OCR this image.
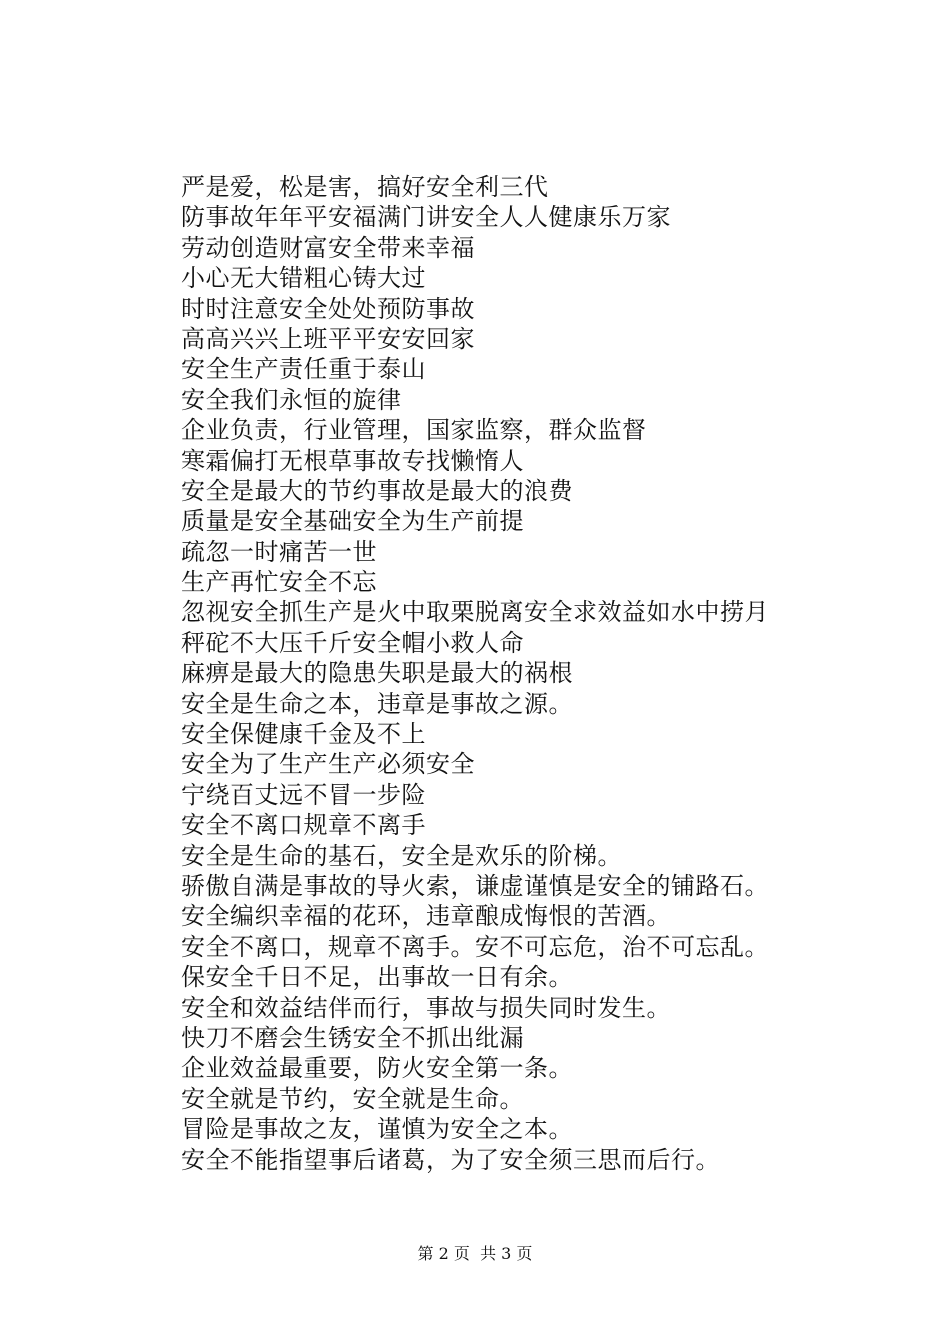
严是爱，松是害，搞好安全利三代
防事故年年平安福满门讲安全人人健康乐万家
劳动创造财富安全带来幸福
小心无大错粗心铸大过
时时注意安全处处预防事故
高高兴兴上班平平安安回家
安全生产责任重于泰山
安全我们永恒的旋律
企业负责，行业管理，国家监察，群众监督
寒霜偏打无根草事故专找懒惰人
安全是最大的节约事故是最大的浪费
质量是安全基础安全为生产前提
疏忽一时痛苦一世
生产再忙安全不忘
忽视安全抓生产是火中取栗脱离安全求效益如水中捞月
秤砣不大压千斤安全帽小救人命
麻痹是最大的隐患失职是最大的祸根
安全是生命之本，违章是事故之源。
安全保健康千金及不上
安全为了生产生产必须安全
宁绕百丈远不冒一步险
安全不离口规章不离手
安全是生命的基石，安全是欢乐的阶梯。
骄傲自满是事故的导火索，谦虚谨慎是安全的铺路石。
安全编织幸福的花环，违章酿成悔恨的苦酒。
安全不离口，规章不离手。安不可忘危，治不可忘乱。
保安全千日不足，出事故一日有余。
安全和效益结伴而行，事故与损失同时发生。
快刀不磨会生锈安全不抓出纰漏
企业效益最重要，防火安全第一条。
安全就是节约，安全就是生命。
冒险是事故之友，谨慎为安全之本。
安全不能指望事后诸葛，为了安全须三思而后行。
第 2 页  共 3 页
